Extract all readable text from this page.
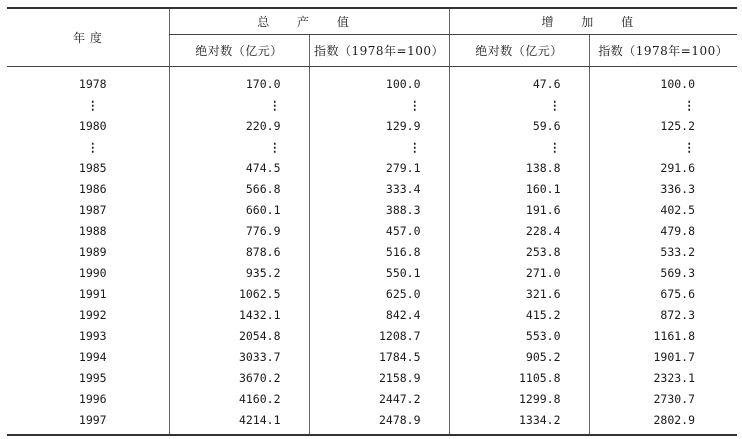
年 度	总 产 值		增 加 值	
	绝对数（亿元）	指数（1978年=100）	绝对数（亿元）	指数（1978年=100）
1978	170.0	100.0	47.6	100.0
⋮	⋮	⋮	⋮	⋮
1980	220.9	129.9	59.6	125.2
⋮	⋮	⋮	⋮	⋮
1985	474.5	279.1	138.8	291.6
1986	566.8	333.4	160.1	336.3
1987	660.1	388.3	191.6	402.5
1988	776.9	457.0	228.4	479.8
1989	878.6	516.8	253.8	533.2
1990	935.2	550.1	271.0	569.3
1991	1062.5	625.0	321.6	675.6
1992	1432.1	842.4	415.2	872.3
1993	2054.8	1208.7	553.0	1161.8
1994	3033.7	1784.5	905.2	1901.7
1995	3670.2	2158.9	1105.8	2323.1
1996	4160.2	2447.2	1299.8	2730.7
1997	4214.1	2478.9	1334.2	2802.9
